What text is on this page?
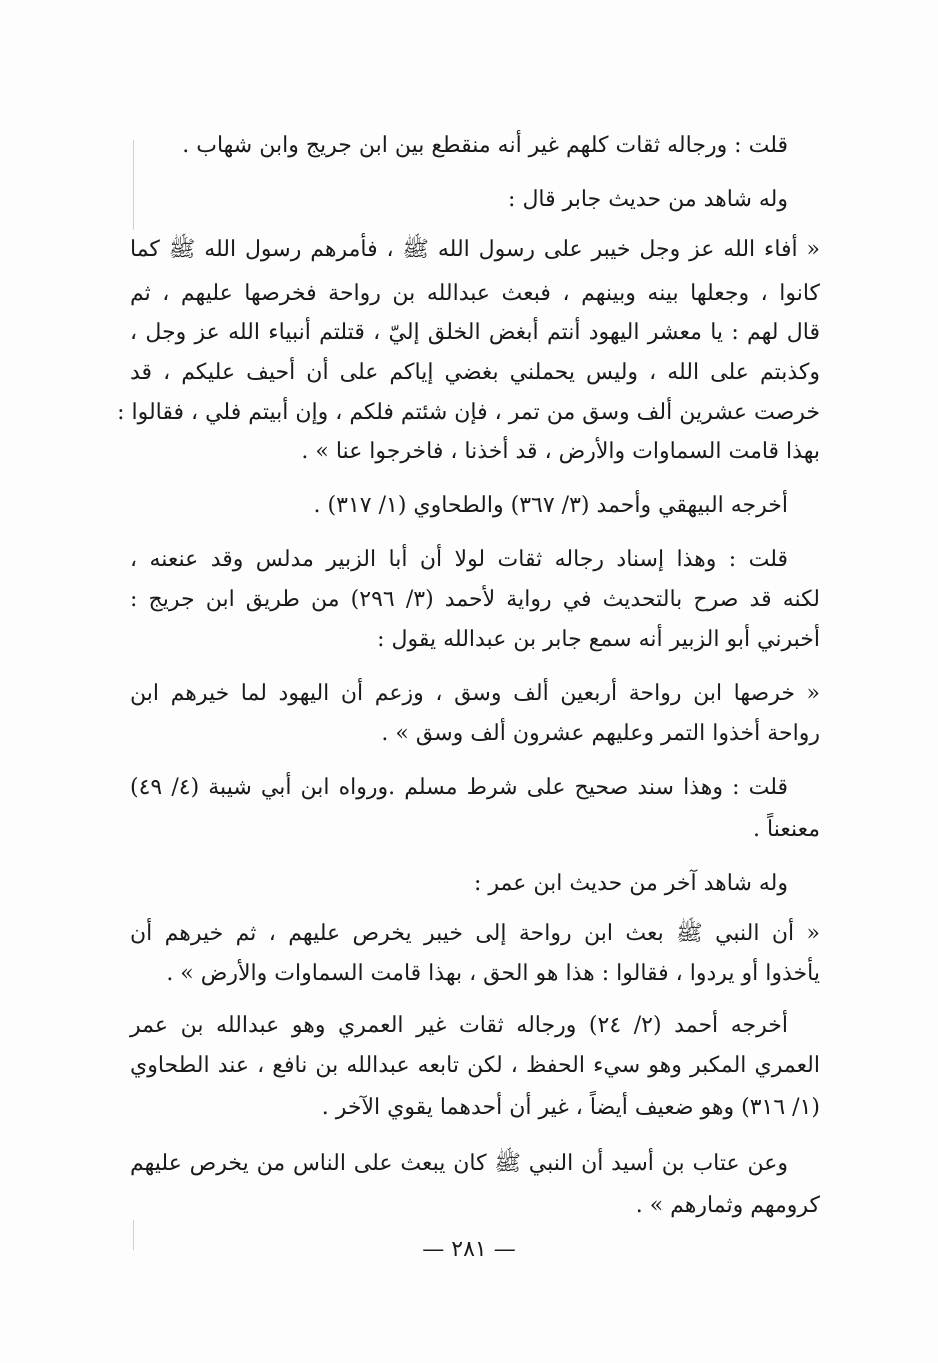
قلت : ورجاله ثقات كلهم غير أنه منقطع بين ابن جريج وابن شهاب .
وله شاهد من حديث جابر قال :
« أفاء الله عز وجل خيبر على رسول الله ﷺ ، فأمرهم رسول الله ﷺ كما
كانوا ، وجعلها بينه وبينهم ، فبعث عبدالله بن رواحة فخرصها عليهم ، ثم
قال لهم : يا معشر اليهود أنتم أبغض الخلق إليّ ، قتلتم أنبياء الله عز وجل ،
وكذبتم على الله ، وليس يحملني بغضي إياكم على أن أحيف عليكم ، قد
خرصت عشرين ألف وسق من تمر ، فإن شئتم فلكم ، وإن أبيتم فلي ، فقالوا :
بهذا قامت السماوات والأرض ، قد أخذنا ، فاخرجوا عنا » .
أخرجه البيهقي وأحمد (٣/ ٣٦٧) والطحاوي (١/ ٣١٧) .
قلت : وهذا إسناد رجاله ثقات لولا أن أبا الزبير مدلس وقد عنعنه ،
لكنه قد صرح بالتحديث في رواية لأحمد (٣/ ٢٩٦) من طريق ابن جريج :
أخبرني أبو الزبير أنه سمع جابر بن عبدالله يقول :
« خرصها ابن رواحة أربعين ألف وسق ، وزعم أن اليهود لما خيرهم ابن
رواحة أخذوا التمر وعليهم عشرون ألف وسق » .
قلت : وهذا سند صحيح على شرط مسلم .ورواه ابن أبي شيبة (٤/ ٤٩)
معنعناً .
وله شاهد آخر من حديث ابن عمر :
« أن النبي ﷺ بعث ابن رواحة إلى خيبر يخرص عليهم ، ثم خيرهم أن
يأخذوا أو يردوا ، فقالوا : هذا هو الحق ، بهذا قامت السماوات والأرض » .
أخرجه أحمد (٢/ ٢٤) ورجاله ثقات غير العمري وهو عبدالله بن عمر
العمري المكبر وهو سيء الحفظ ، لكن تابعه عبدالله بن نافع ، عند الطحاوي
(١/ ٣١٦) وهو ضعيف أيضاً ، غير أن أحدهما يقوي الآخر .
وعن عتاب بن أسيد أن النبي ﷺ كان يبعث على الناس من يخرص عليهم
كرومهم وثمارهم » .
— ٢٨١ —
